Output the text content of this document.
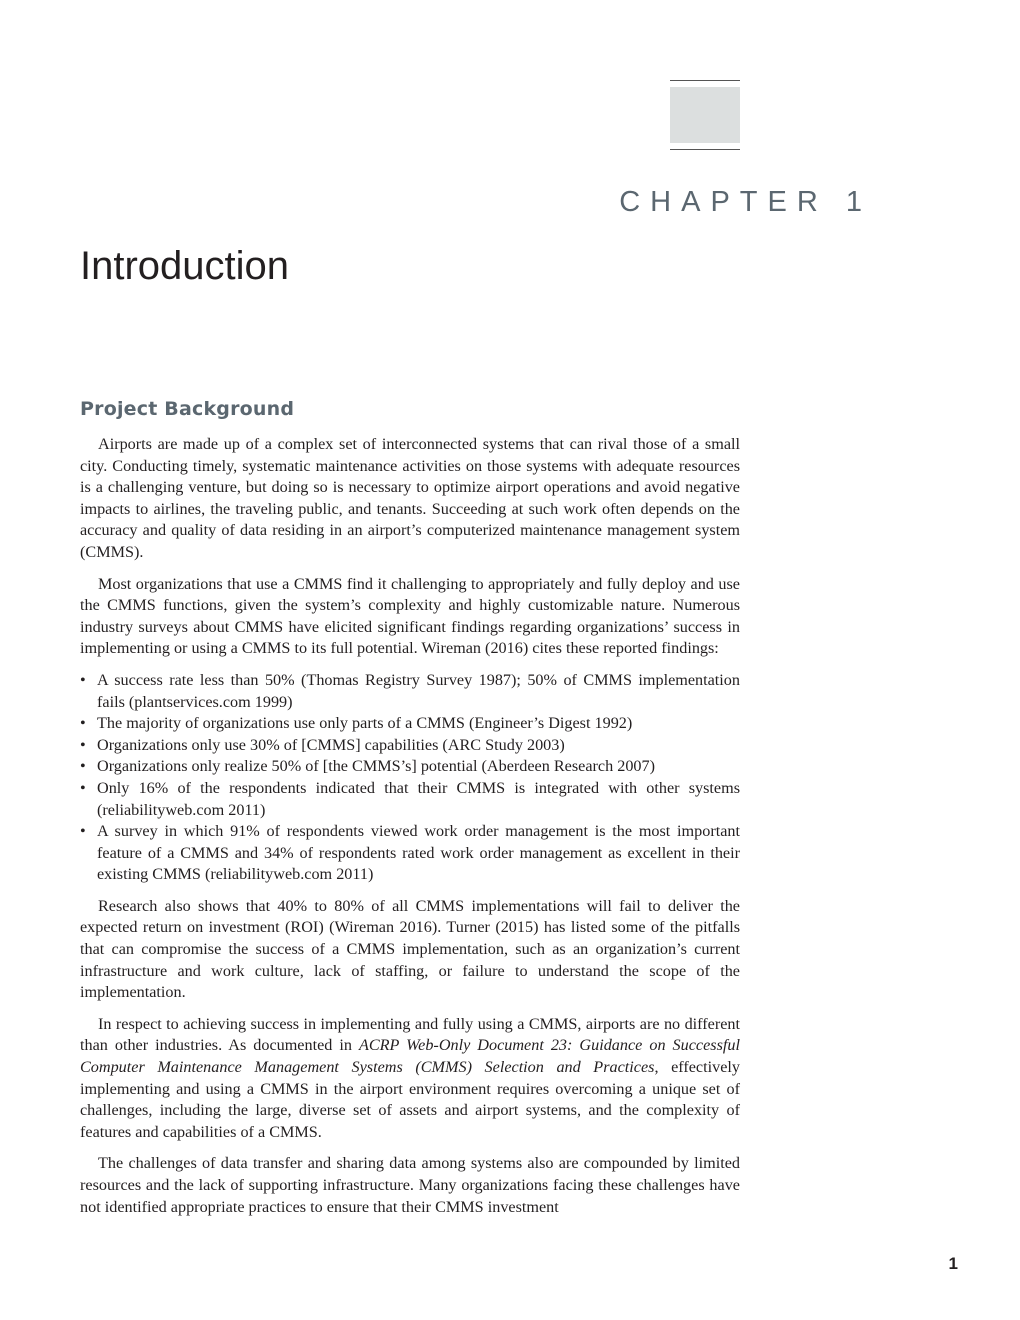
CHAPTER 1
Introduction
Project Background

Airports are made up of a complex set of interconnected systems that can rival those of a small city. Conducting timely, systematic maintenance activities on those systems with adequate resources is a challenging venture, but doing so is necessary to optimize airport operations and avoid negative impacts to airlines, the traveling public, and tenants. Succeeding at such work often depends on the accuracy and quality of data residing in an airport’s computerized maintenance management system (CMMS).

Most organizations that use a CMMS find it challenging to appropriately and fully deploy and use the CMMS functions, given the system’s complexity and highly customizable nature. Numerous industry surveys about CMMS have elicited significant findings regarding organizations’ success in implementing or using a CMMS to its full potential. Wireman (2016) cites these reported findings:

• A success rate less than 50% (Thomas Registry Survey 1987); 50% of CMMS implementation fails (plantservices.com 1999)
• The majority of organizations use only parts of a CMMS (Engineer’s Digest 1992)
• Organizations only use 30% of [CMMS] capabilities (ARC Study 2003)
• Organizations only realize 50% of [the CMMS’s] potential (Aberdeen Research 2007)
• Only 16% of the respondents indicated that their CMMS is integrated with other systems (reliabilityweb.com 2011)
• A survey in which 91% of respondents viewed work order management is the most important feature of a CMMS and 34% of respondents rated work order management as excellent in their existing CMMS (reliabilityweb.com 2011)

Research also shows that 40% to 80% of all CMMS implementations will fail to deliver the expected return on investment (ROI) (Wireman 2016). Turner (2015) has listed some of the pitfalls that can compromise the success of a CMMS implementation, such as an organization’s current infrastructure and work culture, lack of staffing, or failure to understand the scope of the implementation.

In respect to achieving success in implementing and fully using a CMMS, airports are no different than other industries. As documented in ACRP Web-Only Document 23: Guidance on Successful Computer Maintenance Management Systems (CMMS) Selection and Practices, effectively implementing and using a CMMS in the airport environment requires overcoming a unique set of challenges, including the large, diverse set of assets and airport systems, and the complexity of features and capabilities of a CMMS.

The challenges of data transfer and sharing data among systems also are compounded by limited resources and the lack of supporting infrastructure. Many organizations facing these challenges have not identified appropriate practices to ensure that their CMMS investment

1
